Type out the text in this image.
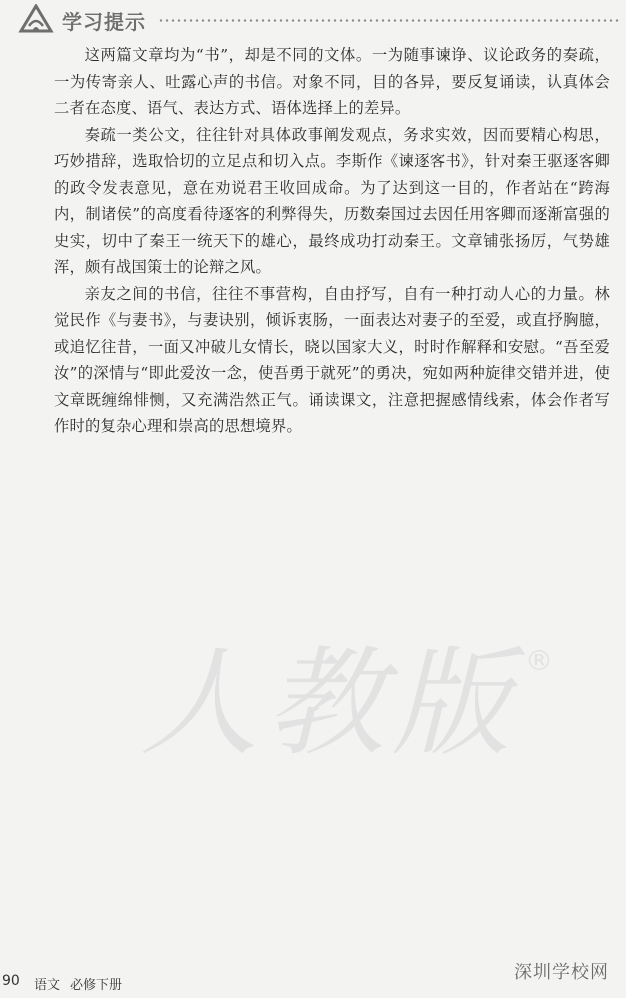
学习提示

这两篇文章均为“书”，却是不同的文体。一为随事谏诤、议论政务的奏疏，一为传寄亲人、吐露心声的书信。对象不同，目的各异，要反复诵读，认真体会二者在态度、语气、表达方式、语体选择上的差异。

奏疏一类公文，往往针对具体政事阐发观点，务求实效，因而要精心构思，巧妙措辞，选取恰切的立足点和切入点。李斯作《谏逐客书》，针对秦王驱逐客卿的政令发表意见，意在劝说君王收回成命。为了达到这一目的，作者站在“跨海内，制诸侯”的高度看待逐客的利弊得失，历数秦国过去因任用客卿而逐渐富强的史实，切中了秦王一统天下的雄心，最终成功打动秦王。文章铺张扬厉，气势雄浑，颇有战国策士的论辩之风。

亲友之间的书信，往往不事营构，自由抒写，自有一种打动人心的力量。林觉民作《与妻书》，与妻诀别，倾诉衷肠，一面表达对妻子的至爱，或直抒胸臆，或追忆往昔，一面又冲破儿女情长，晓以国家大义，时时作解释和安慰。“吾至爱汝”的深情与“即此爱汝一念，使吾勇于就死”的勇决，宛如两种旋律交错并进，使文章既缠绵悱恻，又充满浩然正气。诵读课文，注意把握感情线索，体会作者写作时的复杂心理和崇高的思想境界。

人教版 ®
90 语文 必修下册
深圳学校网
